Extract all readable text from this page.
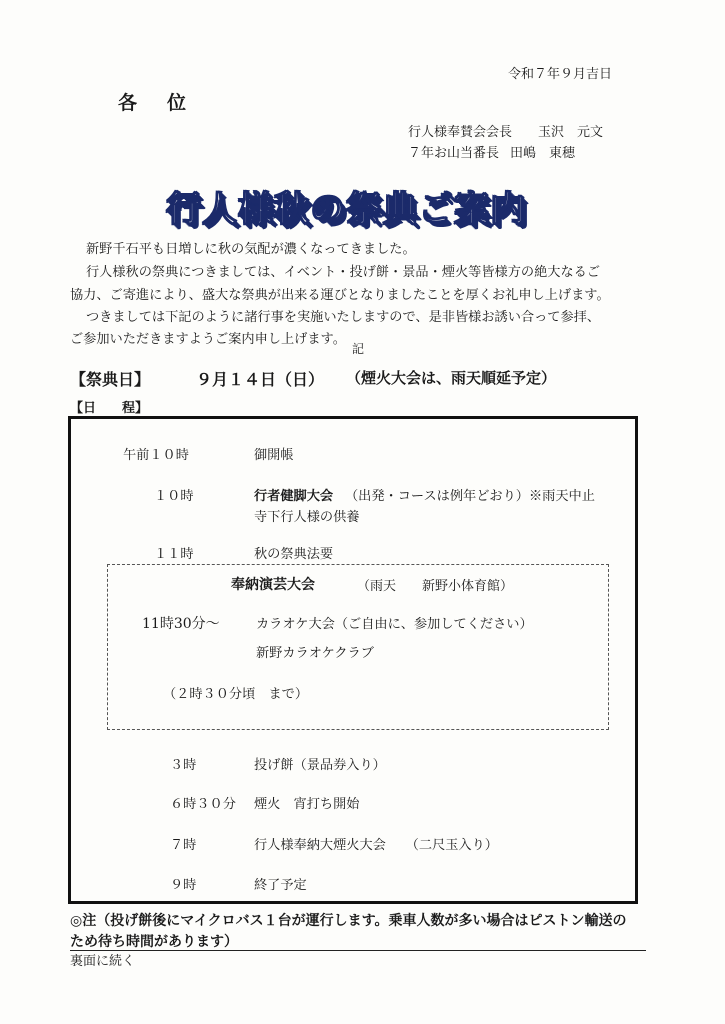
令和７年９月吉日
各位
行人様奉賛会会長 玉沢　元文
７年お山当番長 田嶋　東穂
行人様秋の祭典ご案内
新野千石平も日増しに秋の気配が濃くなってきました。
行人様秋の祭典につきましては、イベント・投げ餅・景品・煙火等皆様方の絶大なるご
協力、ご寄進により、盛大な祭典が出来る運びとなりましたことを厚くお礼申し上げます。
つきましては下記のように諸行事を実施いたしますので、是非皆様お誘い合って参拝、
ご参加いただきますようご案内申し上げます。
記
【祭典日】	９月１４日（日） （煙火大会は、雨天順延予定）
【日　　程】
午前１０時	御開帳
１０時	行者健脚大会 （出発・コースは例年どおり）※雨天中止
寺下行人様の供養
１１時	秋の祭典法要
奉納演芸大会	（雨天　　新野小体育館）
11時30分～	カラオケ大会（ご自由に、参加してください）
新野カラオケクラブ
（２時３０分頃　まで）
３時	投げ餅（景品券入り）
６時３０分 煙火　宵打ち開始
７時	行人様奉納大煙火大会　　（二尺玉入り）
９時	終了予定
◎注（投げ餅後にマイクロバス１台が運行します。乗車人数が多い場合はピストン輸送の
ため待ち時間があります）
裏面に続く
